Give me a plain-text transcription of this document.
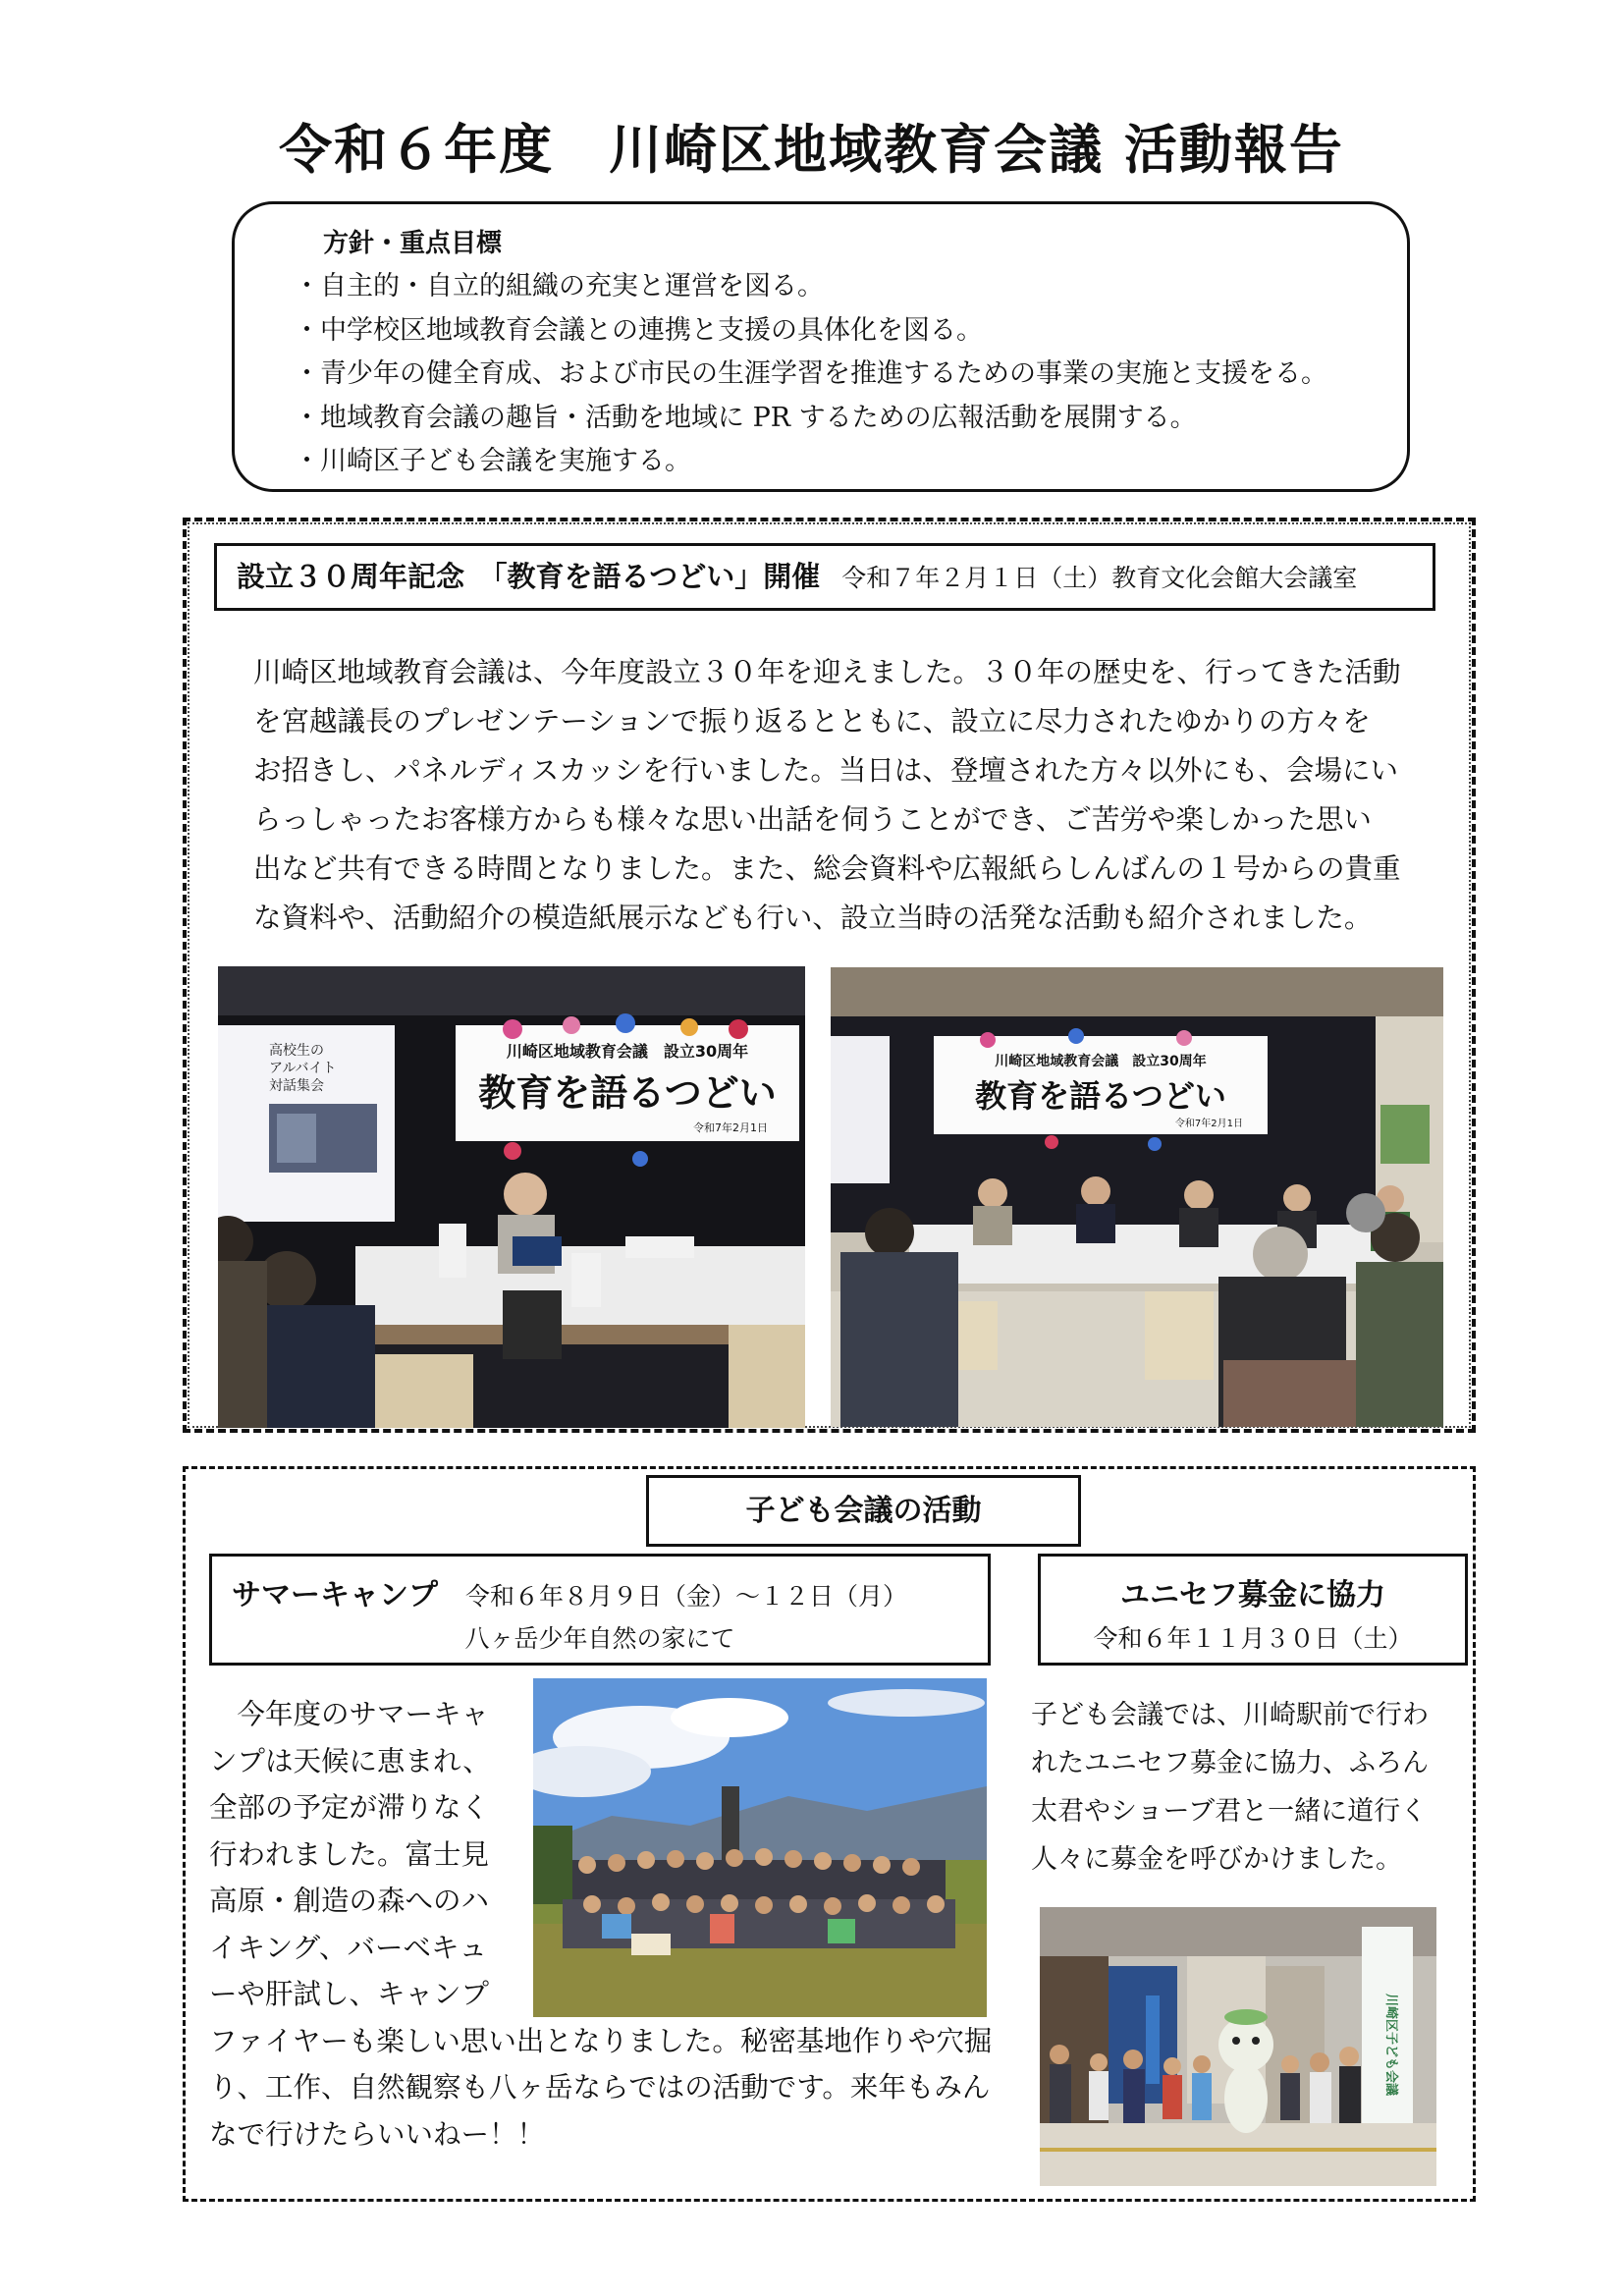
令和６年度　川崎区地域教育会議 活動報告
方針・重点目標
・自主的・自立的組織の充実と運営を図る。
・中学校区地域教育会議との連携と支援の具体化を図る。
・青少年の健全育成、および市民の生涯学習を推進するための事業の実施と支援をる。
・地域教育会議の趣旨・活動を地域に PR するための広報活動を展開する。
・川崎区子ども会議を実施する。
設立３０周年記念　「教育を語るつどい」開催 令和７年２月１日（土）教育文化会館大会議室
川崎区地域教育会議は、今年度設立３０年を迎えました。３０年の歴史を、行ってきた活動
を宮越議長のプレゼンテーションで振り返るとともに、設立に尽力されたゆかりの方々を
お招きし、パネルディスカッシを行いました。当日は、登壇された方々以外にも、会場にい
らっしゃったお客様方からも様々な思い出話を伺うことができ、ご苦労や楽しかった思い
出など共有できる時間となりました。また、総会資料や広報紙らしんばんの１号からの貴重
な資料や、活動紹介の模造紙展示なども行い、設立当時の活発な活動も紹介されました。
高校生の
アルバイト
対話集会
川崎区地域教育会議　設立30周年
教育を語るつどい
令和7年2月1日
川崎区地域教育会議　設立30周年
教育を語るつどい
令和7年2月1日
子ども会議の活動
サマーキャンプ 令和６年８月９日（金）～１２日（月）
八ヶ岳少年自然の家にて
ユニセフ募金に協力
令和６年１１月３０日（土）
　今年度のサマーキャ
ンプは天候に恵まれ、
全部の予定が滞りなく
行われました。富士見
高原・創造の森へのハ
イキング、バーベキュ
ーや肝試し、キャンプ
ファイヤーも楽しい思い出となりました。秘密基地作りや穴掘
り、工作、自然観察も八ヶ岳ならではの活動です。来年もみん
なで行けたらいいねー！！
子ども会議では、川崎駅前で行わ
れたユニセフ募金に協力、ふろん
太君やショーブ君と一緒に道行く
人々に募金を呼びかけました。
川崎区子ども会議
